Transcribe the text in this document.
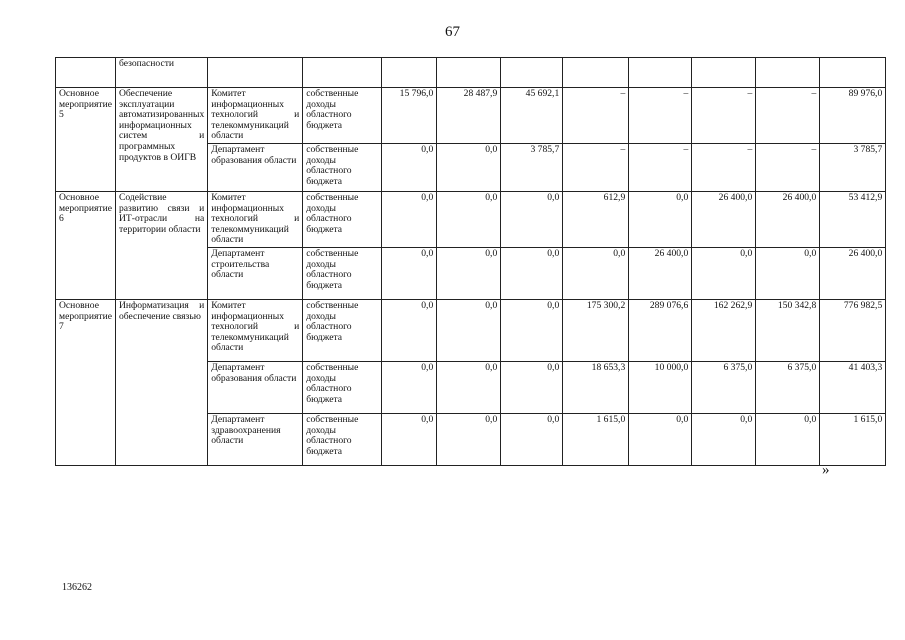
67
	безопасности										
Основное мероприятие 5	Обеспечение эксплуатации автоматизированных информационных систем и программных продуктов в ОИГВ	Комитет информационных технологий и телекоммуникаций области	собственные доходы областного бюджета	15 796,0	28 487,9	45 692,1	–	–	–	–	89 976,0
		Департамент образования области	собственные доходы областного бюджета	0,0	0,0	3 785,7	–	–	–	–	3 785,7
Основное мероприятие 6	Содействие развитию связи и ИТ-отрасли на территории области	Комитет информационных технологий и телекоммуникаций области	собственные доходы областного бюджета	0,0	0,0	0,0	612,9	0,0	26 400,0	26 400,0	53 412,9
		Департамент строительства области	собственные доходы областного бюджета	0,0	0,0	0,0	0,0	26 400,0	0,0	0,0	26 400,0
Основное мероприятие 7	Информатизация и обеспечение связью	Комитет информационных технологий и телекоммуникаций области	собственные доходы областного бюджета	0,0	0,0	0,0	175 300,2	289 076,6	162 262,9	150 342,8	776 982,5
		Департамент образования области	собственные доходы областного бюджета	0,0	0,0	0,0	18 653,3	10 000,0	6 375,0	6 375,0	41 403,3
		Департамент здравоохранения области	собственные доходы областного бюджета	0,0	0,0	0,0	1 615,0	0,0	0,0	0,0	1 615,0
»
136262
